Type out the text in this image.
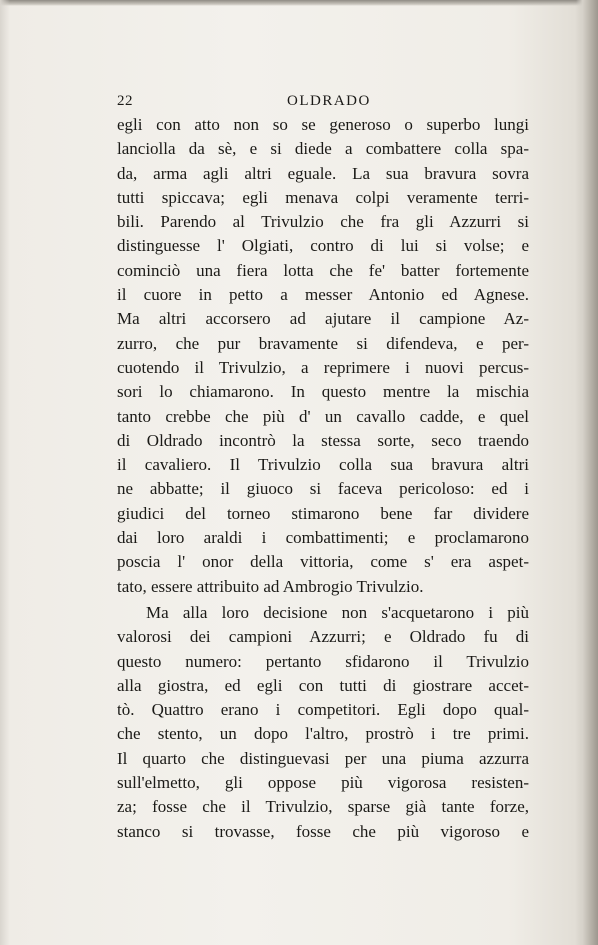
22	OLDRADO
egli con atto non so se generoso o superbo lungi
lanciolla da sè, e si diede a combattere colla spa-
da, arma agli altri eguale. La sua bravura sovra
tutti spiccava; egli menava colpi veramente terri-
bili. Parendo al Trivulzio che fra gli Azzurri si
distinguesse l' Olgiati, contro di lui si volse; e
cominciò una fiera lotta che fe' batter fortemente
il cuore in petto a messer Antonio ed Agnese.
Ma altri accorsero ad ajutare il campione Az-
zurro, che pur bravamente si difendeva, e per-
cuotendo il Trivulzio, a reprimere i nuovi percus-
sori lo chiamarono. In questo mentre la mischia
tanto crebbe che più d' un cavallo cadde, e quel
di Oldrado incontrò la stessa sorte, seco traendo
il cavaliero. Il Trivulzio colla sua bravura altri
ne abbatte; il giuoco si faceva pericoloso: ed i
giudici del torneo stimarono bene far dividere
dai loro araldi i combattimenti; e proclamarono
poscia l' onor della vittoria, come s' era aspet-
tato, essere attribuito ad Ambrogio Trivulzio.
Ma alla loro decisione non s'acquetarono i più
valorosi dei campioni Azzurri; e Oldrado fu di
questo numero: pertanto sfidarono il Trivulzio
alla giostra, ed egli con tutti di giostrare accet-
tò. Quattro erano i competitori. Egli dopo qual-
che stento, un dopo l'altro, prostrò i tre primi.
Il quarto che distinguevasi per una piuma azzurra
sull'elmetto, gli oppose più vigorosa resisten-
za; fosse che il Trivulzio, sparse già tante forze,
stanco si trovasse, fosse che più vigoroso e
